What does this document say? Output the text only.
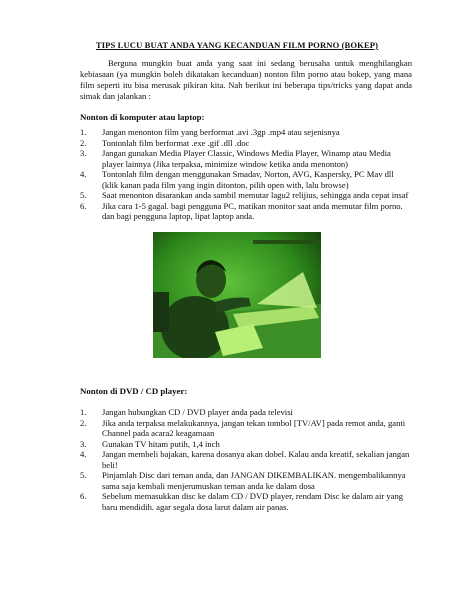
TIPS LUCU BUAT ANDA YANG KECANDUAN FILM PORNO (BOKEP)

Berguna mungkin buat anda yang saat ini sedang berusaha untuk menghilangkan kebiasaan (ya mungkin boleh dikatakan kecanduan) nonton film porno atau bokep, yang mana film seperti itu bisa merusak pikiran kita. Nah berikut ini beberapa tips/tricks yang dapat anda simak dan jalankan :

Nonton di komputer atau laptop:
1.	Jangan menonton film yang berformat .avi .3gp .mp4 atau sejenisnya
2.	Tontonlah film berformat .exe .gif .dll .doc
3.	Jangan gunakan Media Player Classic, Windows Media Player, Winamp atau Media player lainnya (Jika terpaksa, minimize window ketika anda menonton)
4.	Tontonlah film dengan menggunakan Smadav, Norton, AVG, Kaspersky, PC Mav dll (klik kanan pada film yang ingin ditonton, pilih open with, lalu browse)
5.	Saat menonton disarankan anda sambil memutar lagu2 relijius, sehingga anda cepat insaf
6.	Jika cara 1-5 gagal. bagi pengguna PC, matikan monitor saat anda memutar film porno. dan bagi pengguna laptop, lipat laptop anda.
Nonton di DVD / CD player:
1.	Jangan hubungkan CD / DVD player anda pada televisi
2.	Jika anda terpaksa melakukannya, jangan tekan tombol [TV/AV] pada remot anda, ganti Channel pada acara2 keagamaan
3.	Gunakan TV hitam putih, 1,4 inch
4.	Jangan membeli bajakan, karena dosanya akan dobel. Kalau anda kreatif, sekalian jangan beli!
5.	Pinjamlah Disc dari teman anda, dan JANGAN DIKEMBALIKAN. mengembalikannya sama saja kembali menjerumuskan teman anda ke dalam dosa
6.	Sebelum memasukkan disc ke dalam CD / DVD player, rendam Disc ke dalam air yang baru mendidih. agar segala dosa larut dalam air panas.
